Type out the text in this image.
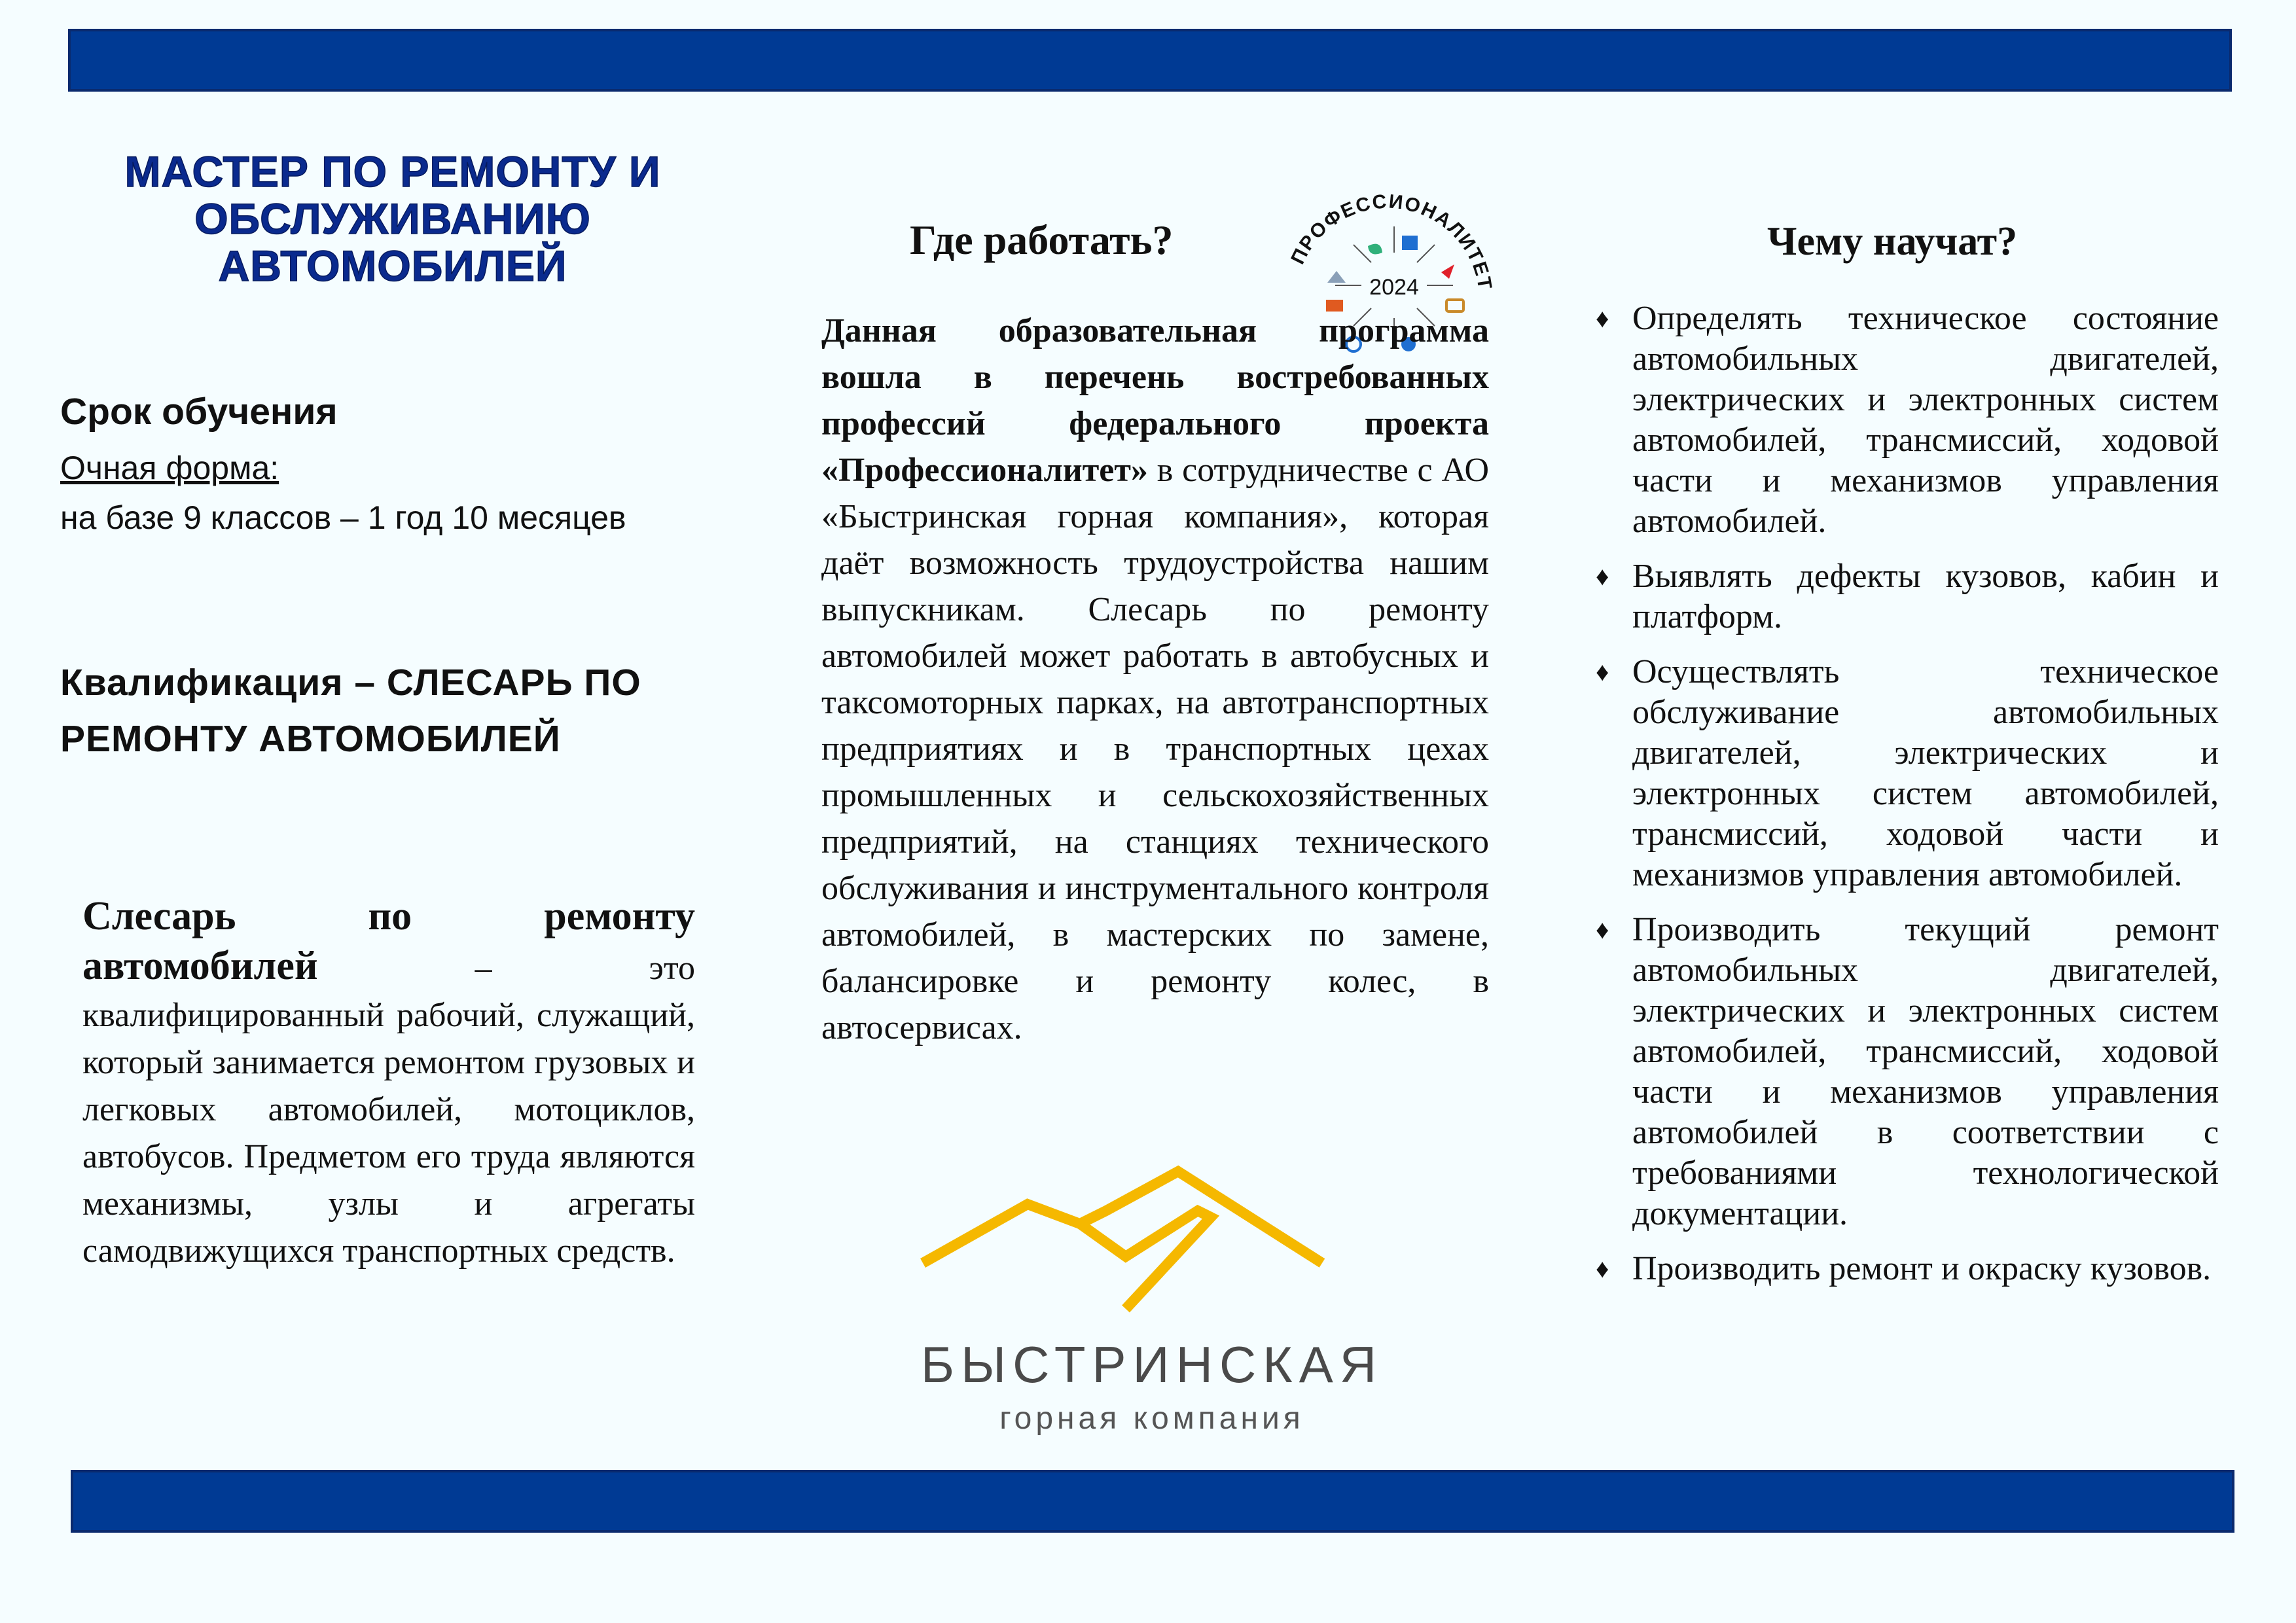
МАСТЕР ПО РЕМОНТУ И ОБСЛУЖИВАНИЮ АВТОМОБИЛЕЙ
Срок обучения
Очная форма:
на базе 9 классов – 1 год 10 месяцев
Квалификация – СЛЕСАРЬ ПО РЕМОНТУ АВТОМОБИЛЕЙ
Слесарь по ремонту автомобилей – это квалифицированный рабочий, служащий, который занимается ремонтом грузовых и легковых автомобилей, мотоциклов, автобусов. Предметом его труда являются механизмы, узлы и агрегаты самодвижущихся транспортных средств.
Где работать?	ПРОФЕССИОНАЛИТЕТ
2024
Данная образовательная программа вошла в перечень востребованных профессий федерального проекта «Профессионалитет» в сотрудничестве с АО «Быстринская горная компания», которая даёт возможность трудоустройства нашим выпускникам. Слесарь по ремонту автомобилей может работать в автобусных и таксомоторных парках, на автотранспортных предприятиях и в транспортных цехах промышленных и сельскохозяйственных предприятий, на станциях технического обслуживания и инструментального контроля автомобилей, в мастерских по замене, балансировке и ремонту колес, в автосервисах.
БЫСТРИНСКАЯ
горная компания
Чему научат?
♦ Определять техническое состояние автомобильных двигателей, электрических и электронных систем автомобилей, трансмиссий, ходовой части и механизмов управления автомобилей.
♦ Выявлять дефекты кузовов, кабин и платформ.
♦ Осуществлять техническое обслуживание автомобильных двигателей, электрических и электронных систем автомобилей, трансмиссий, ходовой части и механизмов управления автомобилей.
♦ Производить текущий ремонт автомобильных двигателей, электрических и электронных систем автомобилей, трансмиссий, ходовой части и механизмов управления автомобилей в соответствии с требованиями технологической документации.
♦ Производить ремонт и окраску кузовов.
